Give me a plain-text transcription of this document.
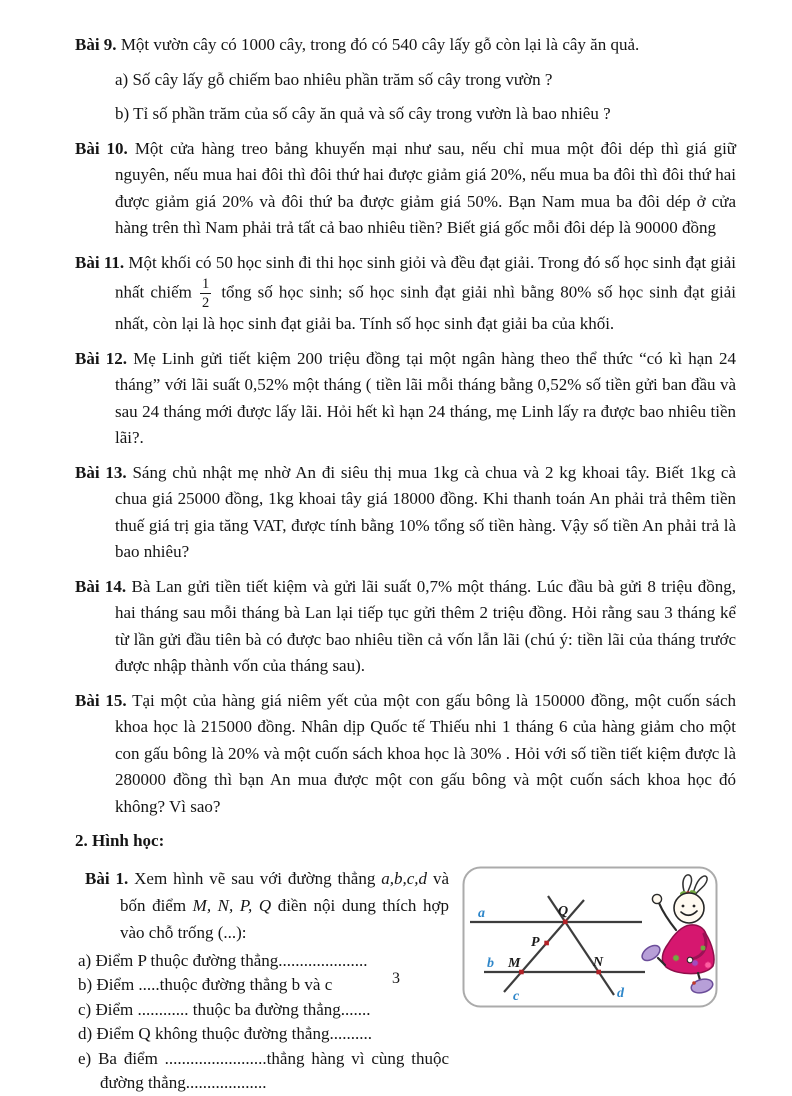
Bài 9. Một vườn cây có 1000 cây, trong đó có 540 cây lấy gỗ còn lại là cây ăn quả.

a) Số cây lấy gỗ chiếm bao nhiêu phần trăm số cây trong vườn ?

b) Tỉ số phần trăm của số cây ăn quả và số cây trong vườn là bao nhiêu ?

Bài 10. Một cửa hàng treo bảng khuyến mại như sau, nếu chỉ mua một đôi dép thì giá giữ nguyên, nếu mua hai đôi thì đôi thứ hai được giảm giá 20%, nếu mua ba đôi thì đôi thứ hai được giảm giá 20% và đôi thứ ba được giảm giá 50%. Bạn Nam mua ba đôi dép ở cửa hàng trên thì Nam phải trả tất cả bao nhiêu tiền? Biết giá gốc mỗi đôi dép là 90000 đồng

Bài 11. Một khối có 50 học sinh đi thi học sinh giỏi và đều đạt giải. Trong đó số học sinh đạt giải nhất chiếm $\frac{1}{2}$ tổng số học sinh; số học sinh đạt giải nhì bằng 80% số học sinh đạt giải nhất, còn lại là học sinh đạt giải ba. Tính số học sinh đạt giải ba của khối.

Bài 12. Mẹ Linh gửi tiết kiệm 200 triệu đồng tại một ngân hàng theo thể thức “có kì hạn 24 tháng” với lãi suất 0,52% một tháng ( tiền lãi mỗi tháng bằng 0,52% số tiền gửi ban đầu và sau 24 tháng mới được lấy lãi. Hỏi hết kì hạn 24 tháng, mẹ Linh lấy ra được bao nhiêu tiền lãi?.

Bài 13. Sáng chủ nhật mẹ nhờ An đi siêu thị mua 1kg cà chua và 2 kg khoai tây. Biết 1kg cà chua giá 25000 đồng, 1kg khoai tây giá 18000 đồng. Khi thanh toán An phải trả thêm tiền thuế giá trị gia tăng VAT, được tính bằng 10% tổng số tiền hàng. Vậy số tiền An phải trả là bao nhiêu?

Bài 14. Bà Lan gửi tiền tiết kiệm và gửi lãi suất 0,7% một tháng. Lúc đầu bà gửi 8 triệu đồng, hai tháng sau mỗi tháng bà Lan lại tiếp tục gửi thêm 2 triệu đồng. Hỏi rằng sau 3 tháng kể từ lần gửi đầu tiên bà có được bao nhiêu tiền cả vốn lẫn lãi (chú ý: tiền lãi của tháng trước được nhập thành vốn của tháng sau).

Bài 15. Tại một của hàng giá niêm yết của một con gấu bông là 150000 đồng, một cuốn sách khoa học là 215000 đồng. Nhân dịp Quốc tế Thiếu nhi 1 tháng 6 của hàng giảm cho một con gấu bông là 20% và một cuốn sách khoa học là 30% . Hỏi với số tiền tiết kiệm được là 280000 đồng thì bạn An mua được một con gấu bông và một cuốn sách khoa học đó không? Vì sao?

2. Hình học:

Bài 1. Xem hình vẽ sau với đường thẳng a,b,c,d và bốn điểm M, N, P, Q điền nội dung thích hợp vào chỗ trống (...):

a) Điểm P thuộc đường thẳng.....................

b) Điểm .....thuộc đường thẳng b và c

c) Điểm ............ thuộc ba đường thẳng.......

d) Điểm Q không thuộc đường thẳng..........

e) Ba điểm ........................thẳng hàng vì cùng thuộc đường thẳng...................

a
b
c	d
Q
P
M	N
3
